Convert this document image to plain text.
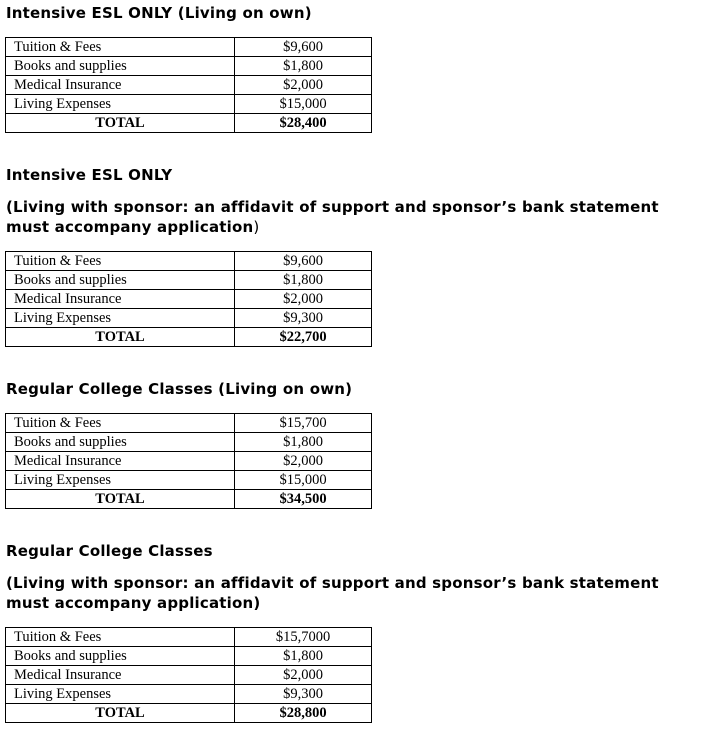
Intensive ESL ONLY (Living on own)
Tuition & Fees	$9,600
Books and supplies	$1,800
Medical Insurance	$2,000
Living Expenses	$15,000
TOTAL	$28,400
Intensive ESL ONLY

(Living with sponsor: an affidavit of support and sponsor’s bank statement must accompany application)

Tuition & Fees	$9,600
Books and supplies	$1,800
Medical Insurance	$2,000
Living Expenses	$9,300
TOTAL	$22,700
Regular College Classes (Living on own)
Tuition & Fees	$15,700
Books and supplies	$1,800
Medical Insurance	$2,000
Living Expenses	$15,000
TOTAL	$34,500
Regular College Classes

(Living with sponsor: an affidavit of support and sponsor’s bank statement must accompany application)

Tuition & Fees	$15,7000
Books and supplies	$1,800
Medical Insurance	$2,000
Living Expenses	$9,300
TOTAL	$28,800
